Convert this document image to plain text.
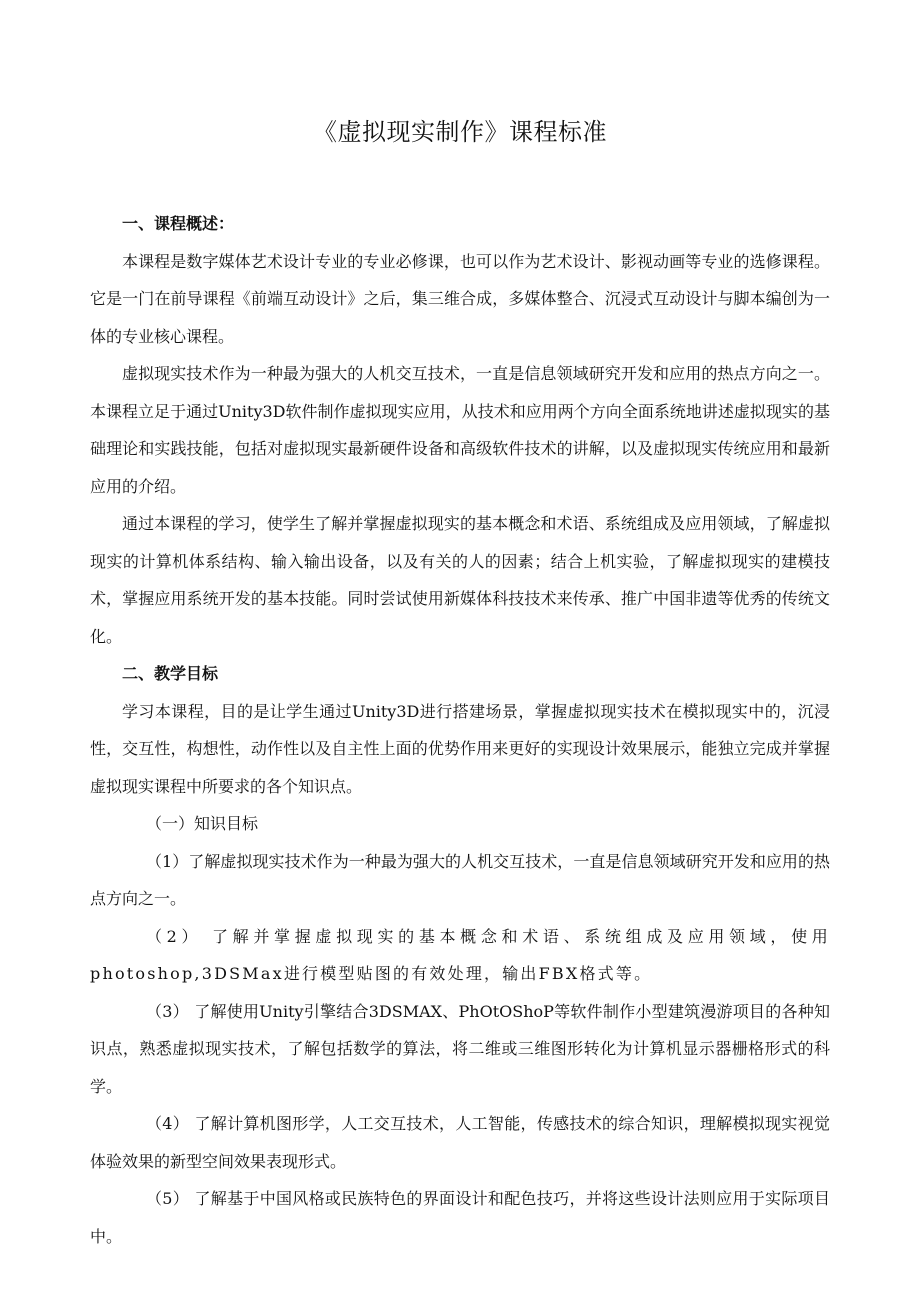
《虚拟现实制作》课程标准

一、课程概述：

本课程是数字媒体艺术设计专业的专业必修课，也可以作为艺术设计、影视动画等专业的选修课程。它是一门在前导课程《前端互动设计》之后，集三维合成，多媒体整合、沉浸式互动设计与脚本编创为一体的专业核心课程。

虚拟现实技术作为一种最为强大的人机交互技术，一直是信息领域研究开发和应用的热点方向之一。本课程立足于通过Unity3D软件制作虚拟现实应用，从技术和应用两个方向全面系统地讲述虚拟现实的基础理论和实践技能，包括对虚拟现实最新硬件设备和高级软件技术的讲解，以及虚拟现实传统应用和最新应用的介绍。

通过本课程的学习，使学生了解并掌握虚拟现实的基本概念和术语、系统组成及应用领域，了解虚拟现实的计算机体系结构、输入输出设备，以及有关的人的因素；结合上机实验，了解虚拟现实的建模技术，掌握应用系统开发的基本技能。同时尝试使用新媒体科技技术来传承、推广中国非遗等优秀的传统文化。

二、教学目标

学习本课程，目的是让学生通过Unity3D进行搭建场景，掌握虚拟现实技术在模拟现实中的，沉浸性，交互性，构想性，动作性以及自主性上面的优势作用来更好的实现设计效果展示，能独立完成并掌握虚拟现实课程中所要求的各个知识点。

（一）知识目标

（1）了解虚拟现实技术作为一种最为强大的人机交互技术，一直是信息领域研究开发和应用的热点方向之一。

（2） 了解并掌握虚拟现实的基本概念和术语、系统组成及应用领域，使用photoshop,3DSMax进行模型贴图的有效处理，输出FBX格式等。

（3） 了解使用Unity引擎结合3DSMAX、PhOtOShoP等软件制作小型建筑漫游项目的各种知识点，熟悉虚拟现实技术，了解包括数学的算法，将二维或三维图形转化为计算机显示器栅格形式的科学。

（4） 了解计算机图形学，人工交互技术，人工智能，传感技术的综合知识，理解模拟现实视觉体验效果的新型空间效果表现形式。

（5） 了解基于中国风格或民族特色的界面设计和配色技巧，并将这些设计法则应用于实际项目中。
